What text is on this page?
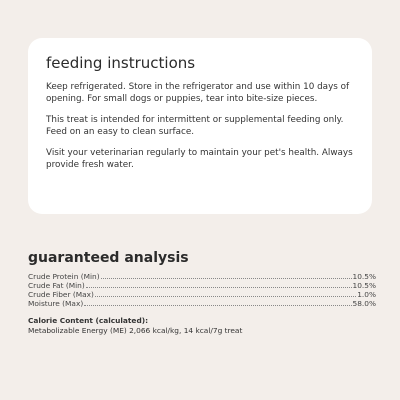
feeding instructions

Keep refrigerated. Store in the refrigerator and use within 10 days of opening. For small dogs or puppies, tear into bite-size pieces.

This treat is intended for intermittent or supplemental feeding only. Feed on an easy to clean surface.

Visit your veterinarian regularly to maintain your pet's health. Always provide fresh water.

guaranteed analysis
Crude Protein (Min)	10.5%
Crude Fat (Min)	10.5%
Crude Fiber (Max)	1.0%
Moisture (Max)	58.0%
Calorie Content (calculated):
Metabolizable Energy (ME) 2,066 kcal/kg, 14 kcal/7g treat
